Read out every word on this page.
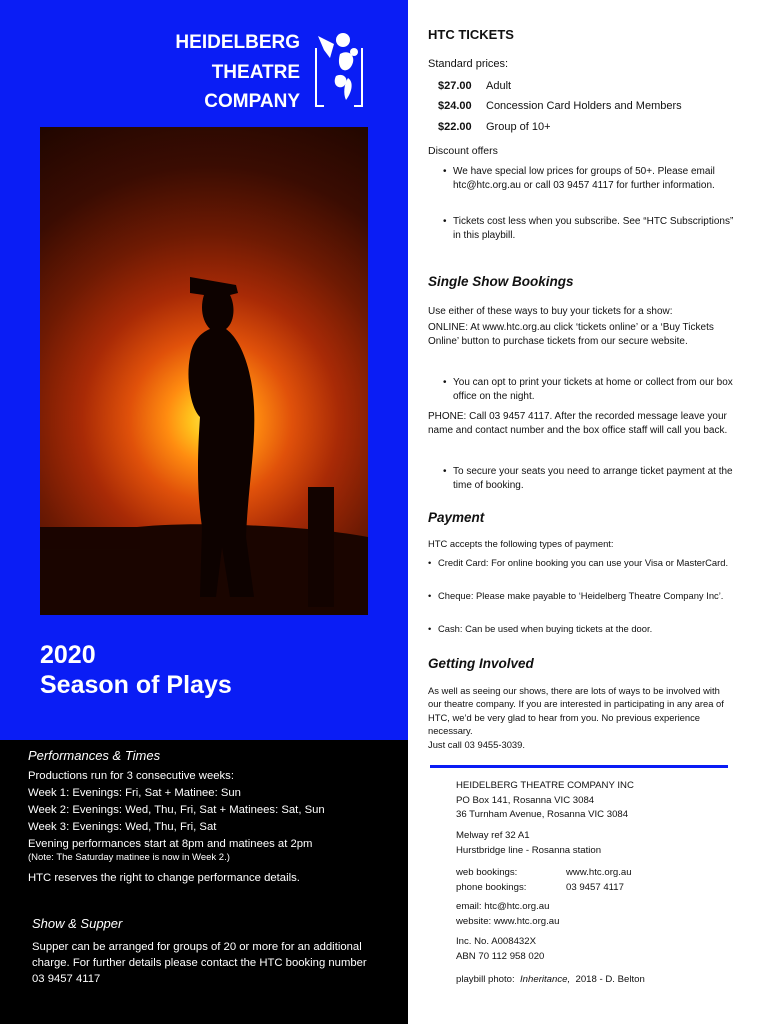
HEIDELBERG
THEATRE
COMPANY
2020
Season of Plays
Performances & Times
Productions run for 3 consecutive weeks:
Week 1: Evenings: Fri, Sat + Matinee: Sun
Week 2: Evenings: Wed, Thu, Fri, Sat + Matinees: Sat, Sun
Week 3: Evenings: Wed, Thu, Fri, Sat
Evening performances start at 8pm and matinees at 2pm
(Note: The Saturday matinee is now in Week 2.)
HTC reserves the right to change performance details.
Show & Supper
Supper can be arranged for groups of 20 or more for an additional charge. For further details please contact the HTC booking number
03 9457 4117
HTC TICKETS
Standard prices:
$27.00 Adult
$24.00 Concession Card Holders and Members
$22.00 Group of 10+
Discount offers
• We have special low prices for groups of 50+. Please email htc@htc.org.au or call 03 9457 4117 for further information.
• Tickets cost less when you subscribe. See “HTC Subscriptions” in this playbill.
Single Show Bookings
Use either of these ways to buy your tickets for a show:
ONLINE: At www.htc.org.au click ‘tickets online’ or a ‘Buy Tickets Online’ button to purchase tickets from our secure website.
• You can opt to print your tickets at home or collect from our box office on the night.
PHONE: Call 03 9457 4117. After the recorded message leave your name and contact number and the box office staff will call you back.
• To secure your seats you need to arrange ticket payment at the time of booking.
Payment
HTC accepts the following types of payment:
• Credit Card: For online booking you can use your Visa or MasterCard.
• Cheque: Please make payable to ‘Heidelberg Theatre Company Inc’.
• Cash: Can be used when buying tickets at the door.
Getting Involved
As well as seeing our shows, there are lots of ways to be involved with our theatre company. If you are interested in participating in any area of HTC, we’d be very glad to hear from you. No previous experience necessary.
Just call 03 9455-3039.
HEIDELBERG THEATRE COMPANY INC
PO Box 141, Rosanna VIC 3084
36 Turnham Avenue, Rosanna VIC 3084
Melway ref 32 A1
Hurstbridge line - Rosanna station
web bookings:	www.htc.org.au
phone bookings:	03 9457 4117
email: htc@htc.org.au
website: www.htc.org.au
Inc. No. A008432X
ABN 70 112 958 020
playbill photo: Inheritance, 2018 - D. Belton
